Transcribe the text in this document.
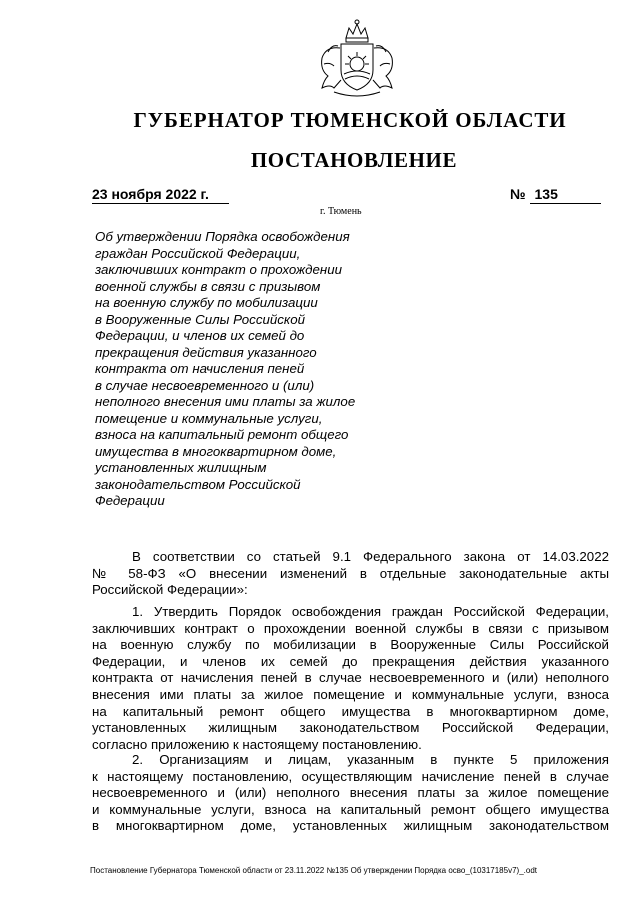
ГУБЕРНАТОР ТЮМЕНСКОЙ ОБЛАСТИ
ПОСТАНОВЛЕНИЕ
23 ноября 2022 г.	№ 135
г. Тюмень

Об утверждении Порядка освобождения
граждан Российской Федерации,
заключивших контракт о прохождении
военной службы в связи с призывом
на военную службу по мобилизации
в Вооруженные Силы Российской
Федерации, и членов их семей до
прекращения действия указанного
контракта от начисления пеней
в случае несвоевременного и (или)
неполного внесения ими платы за жилое
помещение и коммунальные услуги,
взноса на капитальный ремонт общего
имущества в многоквартирном доме,
установленных жилищным
законодательством Российской
Федерации

В соответствии со статьей 9.1 Федерального закона от 14.03.2022
№ 58-ФЗ «О внесении изменений в отдельные законодательные акты
Российской Федерации»:

1. Утвердить Порядок освобождения граждан Российской Федерации,
заключивших контракт о прохождении военной службы в связи с призывом
на военную службу по мобилизации в Вооруженные Силы Российской
Федерации, и членов их семей до прекращения действия указанного
контракта от начисления пеней в случае несвоевременного и (или) неполного
внесения ими платы за жилое помещение и коммунальные услуги, взноса
на капитальный ремонт общего имущества в многоквартирном доме,
установленных жилищным законодательством Российской Федерации,
согласно приложению к настоящему постановлению.

2. Организациям и лицам, указанным в пункте 5 приложения
к настоящему постановлению, осуществляющим начисление пеней в случае
несвоевременного и (или) неполного внесения платы за жилое помещение
и коммунальные услуги, взноса на капитальный ремонт общего имущества
в многоквартирном доме, установленных жилищным законодательством

Постановление Губернатора Тюменской области от 23.11.2022 №135 Об утверждении Порядка осво_(10317185v7)_.odt
